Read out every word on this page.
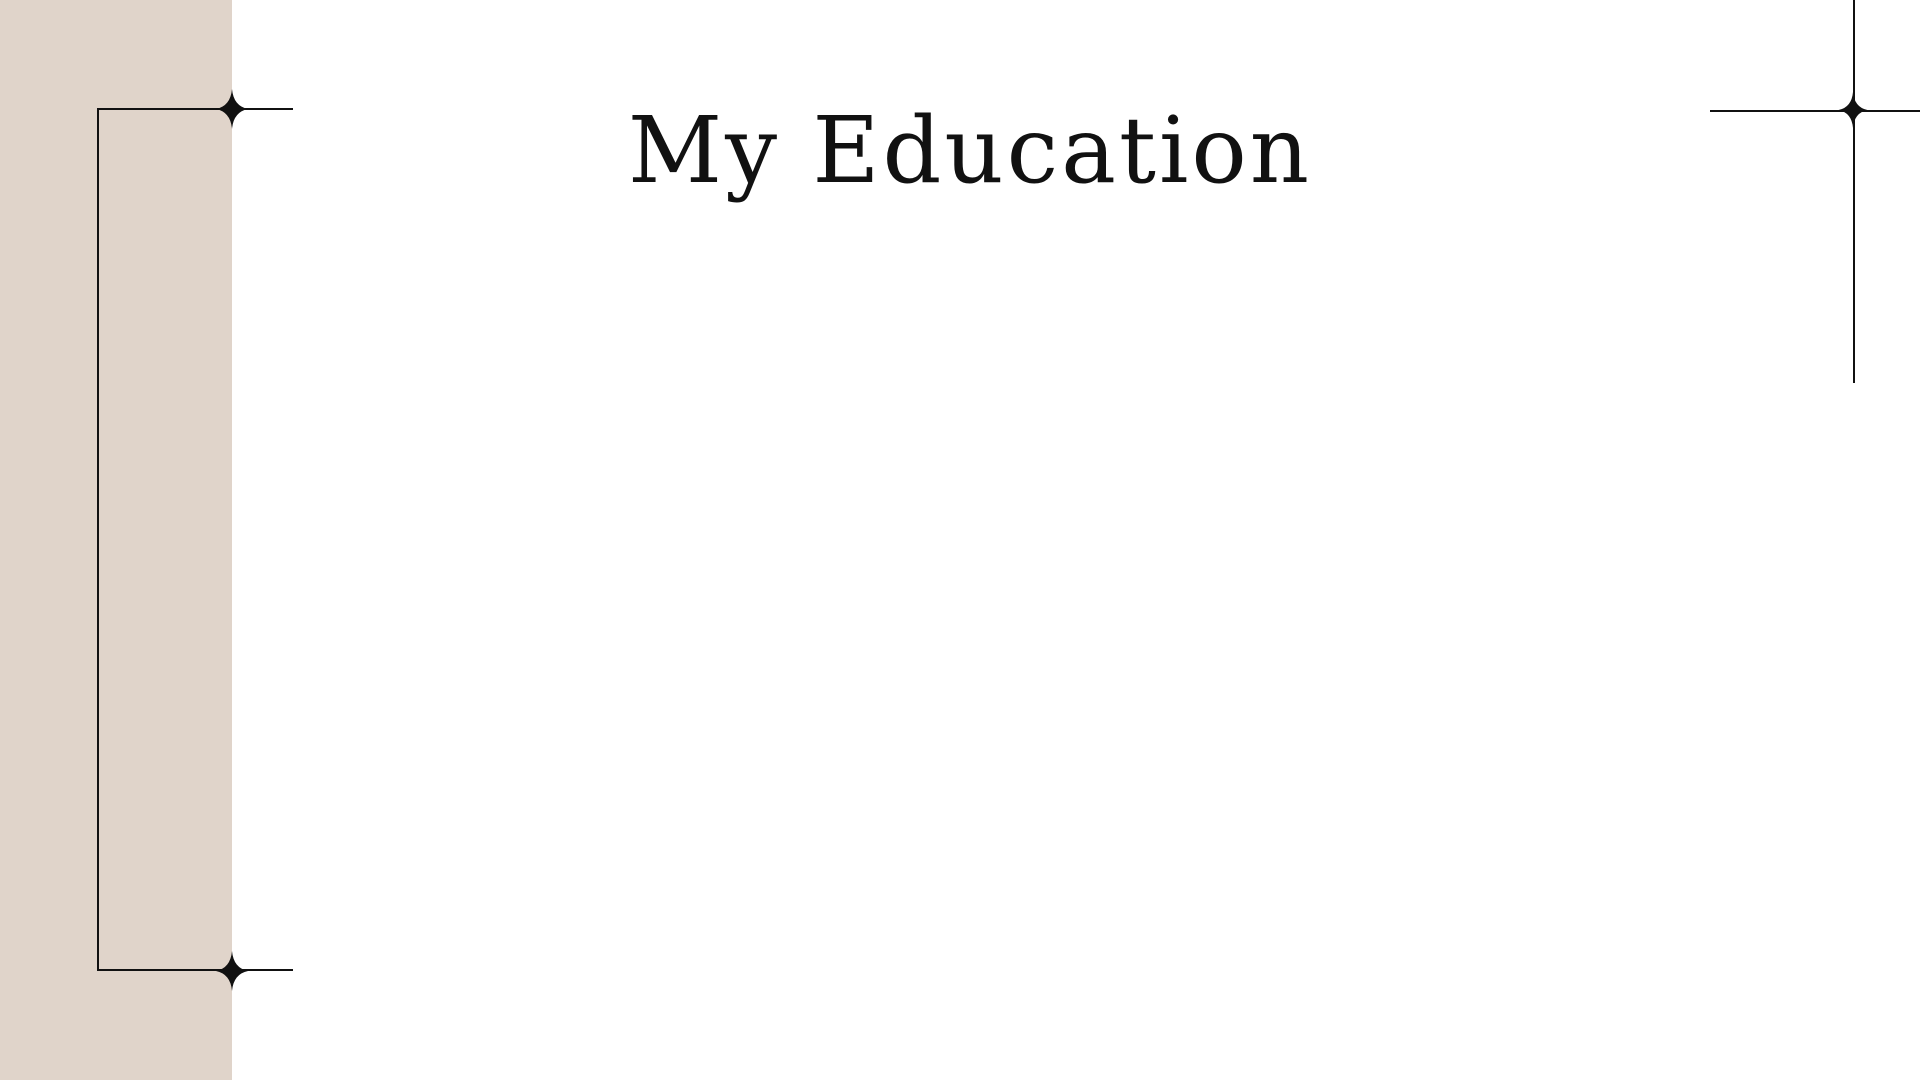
My Education
